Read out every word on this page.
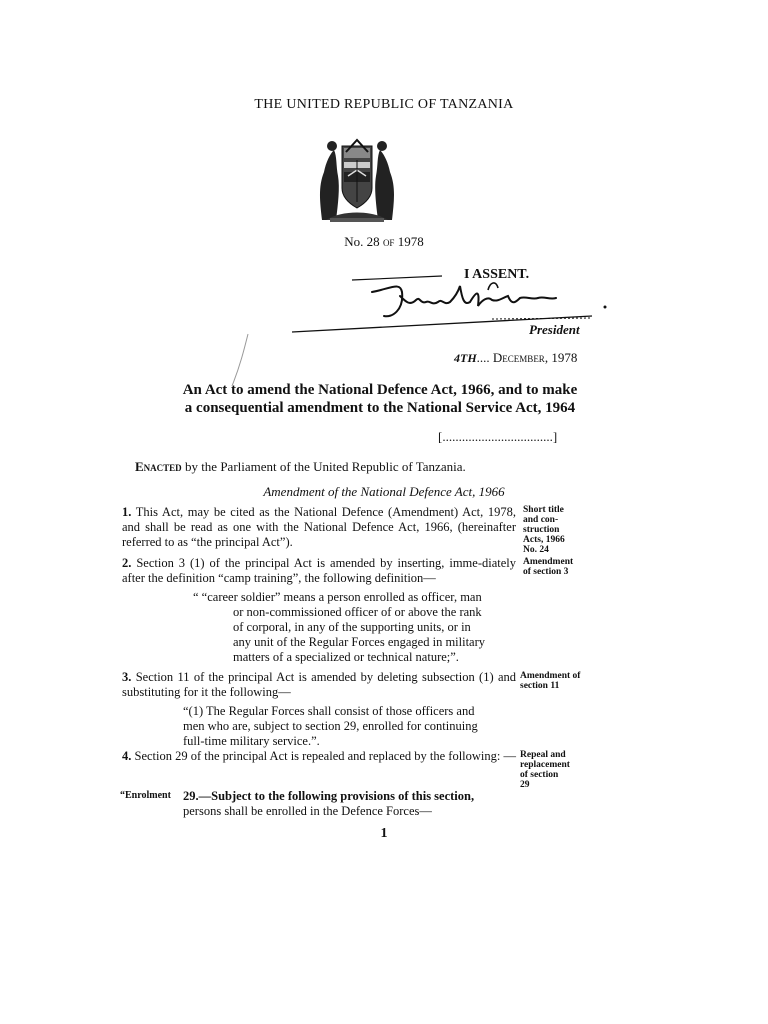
THE UNITED REPUBLIC OF TANZANIA
No. 28 of 1978
I ASSENT.
President
4TH.... December, 1978
An Act to amend the National Defence Act, 1966, and to make
a consequential amendment to the National Service Act, 1964
[..................................]
Enacted by the Parliament of the United Republic of Tanzania.
Amendment of the National Defence Act, 1966
1. This Act, may be cited as the National Defence (Amendment) Act, 1978, and shall be read as one with the National Defence Act, 1966, (hereinafter referred to as “the principal Act”).
Short title
and con-
struction
Acts, 1966
No. 24
2. Section 3 (1) of the principal Act is amended by inserting, imme-diately after the definition “camp training”, the following definition—
Amendment
of section 3
“ “career soldier” means a person enrolled as officer, man
or non-commissioned officer of or above the rank
of corporal, in any of the supporting units, or in
any unit of the Regular Forces engaged in military
matters of a specialized or technical nature;”.
3. Section 11 of the principal Act is amended by deleting subsection (1) and substituting for it the following—
Amendment of
section 11
“(1) The Regular Forces shall consist of those officers and
men who are, subject to section 29, enrolled for continuing
full-time military service.”.
4. Section 29 of the principal Act is repealed and replaced by the following: — Repeal and
replacement
of section
29
“Enrolment 29.—Subject to the following provisions of this section,
persons shall be enrolled in the Defence Forces—
1
